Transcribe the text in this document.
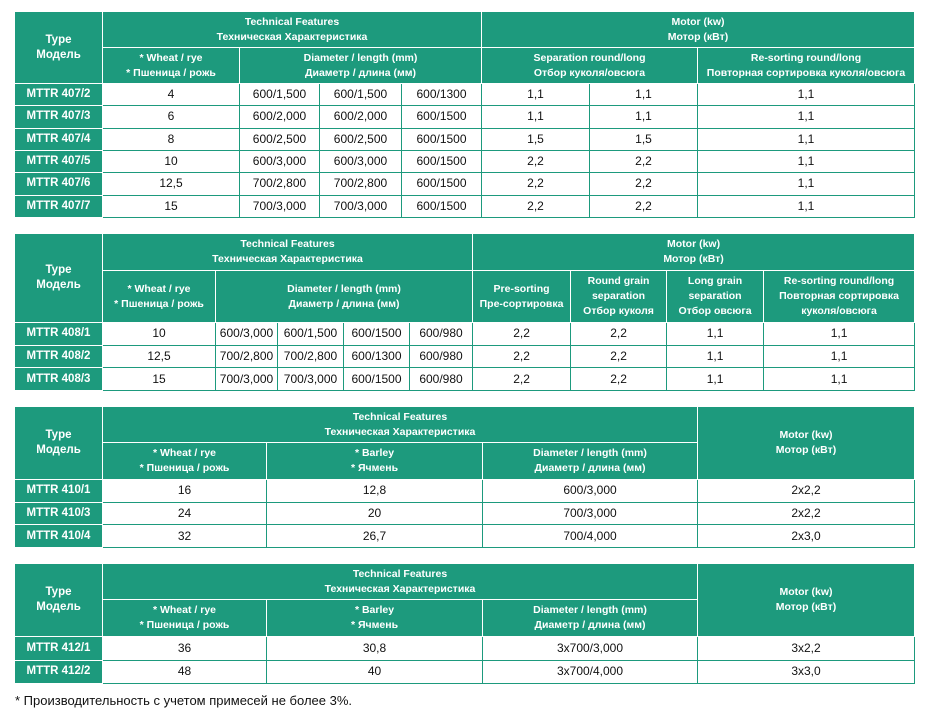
Type
Модель	Technical Features
Техническая Характеристика				Motor (kw)
Мотор (кВт)		

	* Wheat / rye
* Пшеница / рожь	Diameter / length (mm)
Диаметр / длина (мм)			Separation round/long
Отбор куколя/овсюга		Re-sorting round/long
Повторная сортировка куколя/овсюга

MTTR 407/2	4	600/1,500	600/1,500	600/1300	1,1	1,1	1,1
MTTR 407/3	6	600/2,000	600/2,000	600/1500	1,1	1,1	1,1
MTTR 407/4	8	600/2,500	600/2,500	600/1500	1,5	1,5	1,1
MTTR 407/5	10	600/3,000	600/3,000	600/1500	2,2	2,2	1,1
MTTR 407/6	12,5	700/2,800	700/2,800	600/1500	2,2	2,2	1,1
MTTR 407/7	15	700/3,000	700/3,000	600/1500	2,2	2,2	1,1
Type
Модель	Technical Features
Техническая Характеристика					Motor (kw)
Мотор (кВт)			

	* Wheat / rye
* Пшеница / рожь	Diameter / length (mm)
Диаметр / длина (мм)				Pre-sorting
Пре-сортировка	Round grain
separation
Отбор куколя	Long grain
separation
Отбор овсюга	Re-sorting round/long
Повторная сортировка
куколя/овсюга

MTTR 408/1	10	600/3,000	600/1,500	600/1500	600/980	2,2	2,2	1,1	1,1
MTTR 408/2	12,5	700/2,800	700/2,800	600/1300	600/980	2,2	2,2	1,1	1,1
MTTR 408/3	15	700/3,000	700/3,000	600/1500	600/980	2,2	2,2	1,1	1,1
Type
Модель	Technical Features
Техническая Характеристика			Motor (kw)
Мотор (кВт)

	* Wheat / rye
* Пшеница / рожь	* Barley
* Ячмень	Diameter / length (mm)
Диаметр / длина (мм)	

MTTR 410/1	16	12,8	600/3,000	2х2,2
MTTR 410/3	24	20	700/3,000	2х2,2
MTTR 410/4	32	26,7	700/4,000	2х3,0
Type
Модель	Technical Features
Техническая Характеристика			Motor (kw)
Мотор (кВт)

	* Wheat / rye
* Пшеница / рожь	* Barley
* Ячмень	Diameter / length (mm)
Диаметр / длина (мм)	

MTTR 412/1	36	30,8	3х700/3,000	3х2,2
MTTR 412/2	48	40	3х700/4,000	3х3,0
* Производительность с учетом примесей не более 3%.
